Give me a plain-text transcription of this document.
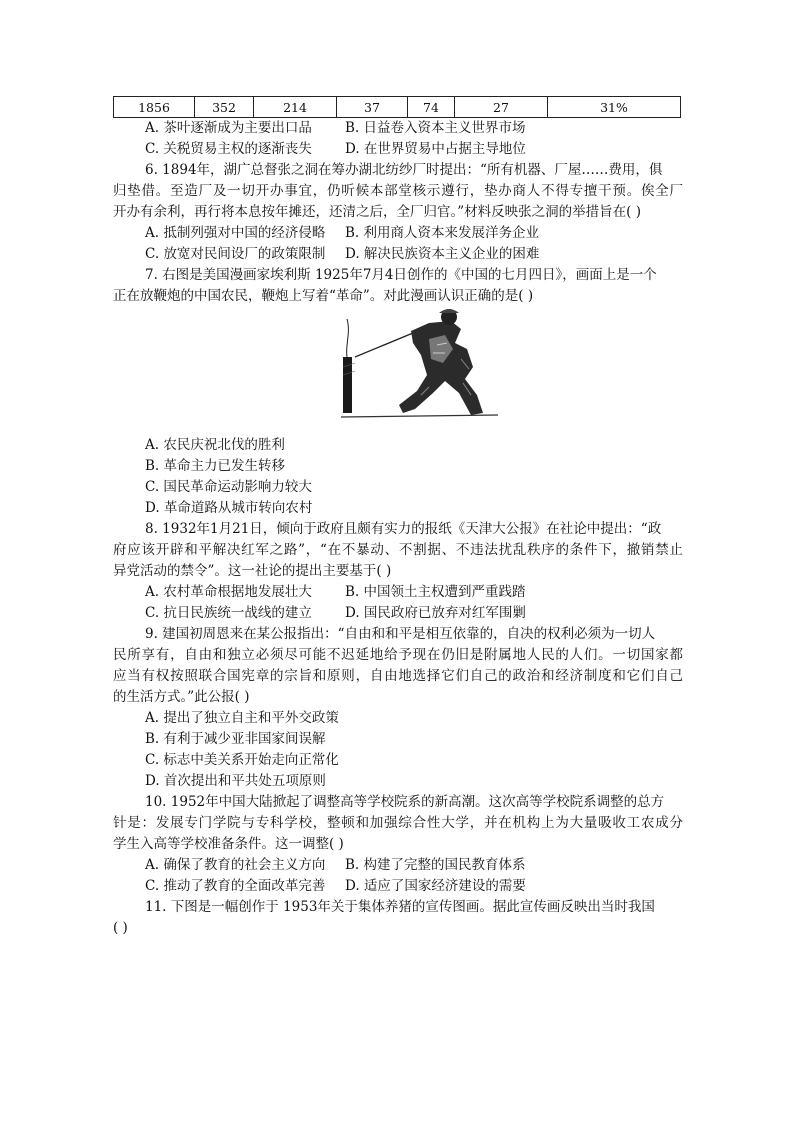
1856	352	214	37	74	27	31%
A. 茶叶逐渐成为主要出口品 B. 日益卷入资本主义世界市场
C. 关税贸易主权的逐渐丧失 D. 在世界贸易中占据主导地位
6. 1894年，湖广总督张之洞在筹办湖北纺纱厂时提出：“所有机器、厂屋……费用，俱
归垫借。至造厂及一切开办事宜，仍听候本部堂核示遵行，垫办商人不得专擅干预。俟全厂
开办有余利，再行将本息按年摊还，还清之后，全厂归官。”材料反映张之洞的举措旨在( )
A. 抵制列强对中国的经济侵略 B. 利用商人资本来发展洋务企业
C. 放宽对民间设厂的政策限制 D. 解决民族资本主义企业的困难
7. 右图是美国漫画家埃利斯 1925年7月4日创作的《中国的七月四日》，画面上是一个
正在放鞭炮的中国农民，鞭炮上写着“革命”。对此漫画认识正确的是( )
A. 农民庆祝北伐的胜利
B. 革命主力已发生转移
C. 国民革命运动影响力较大
D. 革命道路从城市转向农村
8. 1932年1月21日，倾向于政府且颇有实力的报纸《天津大公报》在社论中提出：“政
府应该开辟和平解决红军之路”，“在不暴动、不割据、不违法扰乱秩序的条件下，撤销禁止
异党活动的禁令”。这一社论的提出主要基于( )
A. 农村革命根据地发展壮大 B. 中国领土主权遭到严重践踏
C. 抗日民族统一战线的建立 D. 国民政府已放弃对红军围剿
9. 建国初周恩来在某公报指出：“自由和和平是相互依靠的，自决的权利必须为一切人
民所享有，自由和独立必须尽可能不迟延地给予现在仍旧是附属地人民的人们。一切国家都
应当有权按照联合国宪章的宗旨和原则，自由地选择它们自己的政治和经济制度和它们自己
的生活方式。”此公报( )
A. 提出了独立自主和平外交政策
B. 有利于减少亚非国家间误解
C. 标志中美关系开始走向正常化
D. 首次提出和平共处五项原则
10. 1952年中国大陆掀起了调整高等学校院系的新高潮。这次高等学校院系调整的总方
针是：发展专门学院与专科学校，整顿和加强综合性大学，并在机构上为大量吸收工农成分
学生入高等学校准备条件。这一调整( )
A. 确保了教育的社会主义方向 B. 构建了完整的国民教育体系
C. 推动了教育的全面改革完善 D. 适应了国家经济建设的需要
11. 下图是一幅创作于 1953年关于集体养猪的宣传图画。据此宣传画反映出当时我国
( )
